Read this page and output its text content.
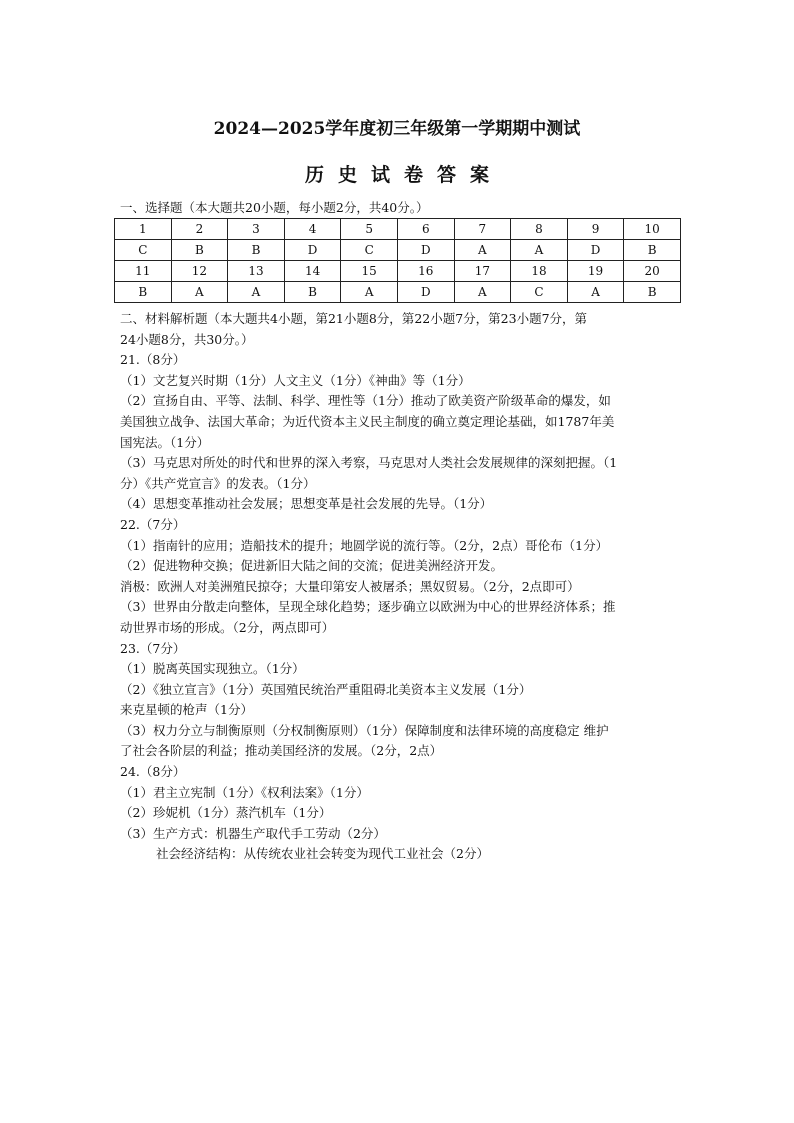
2024—2025学年度初三年级第一学期期中测试
历史试卷答案
一、选择题（本大题共20小题，每小题2分，共40分。）
1	2	3	4	5	6	7	8	9	10
C	B	B	D	C	D	A	A	D	B
11	12	13	14	15	16	17	18	19	20
B	A	A	B	A	D	A	C	A	B

二、材料解析题（本大题共4小题，第21小题8分，第22小题7分，第23小题7分，第

24小题8分，共30分。）

21.（8分）

（1）文艺复兴时期（1分）人文主义（1分）《神曲》等（1分）

（2）宣扬自由、平等、法制、科学、理性等（1分）推动了欧美资产阶级革命的爆发，如

美国独立战争、法国大革命；为近代资本主义民主制度的确立奠定理论基础，如1787年美

国宪法。（1分）

（3）马克思对所处的时代和世界的深入考察，马克思对人类社会发展规律的深刻把握。（1

分）《共产党宣言》的发表。（1分）

（4）思想变革推动社会发展；思想变革是社会发展的先导。（1分）

22.（7分）

（1）指南针的应用；造船技术的提升；地圆学说的流行等。（2分，2点）哥伦布（1分）

（2）促进物种交换；促进新旧大陆之间的交流；促进美洲经济开发。

消极：欧洲人对美洲殖民掠夺；大量印第安人被屠杀；黑奴贸易。（2分，2点即可）

（3）世界由分散走向整体，呈现全球化趋势；逐步确立以欧洲为中心的世界经济体系；推

动世界市场的形成。（2分，两点即可）

23.（7分）

（1）脱离英国实现独立。（1分）

（2）《独立宣言》（1分）英国殖民统治严重阻碍北美资本主义发展（1分）

来克星顿的枪声（1分）

（3）权力分立与制衡原则（分权制衡原则）（1分）保障制度和法律环境的高度稳定 维护

了社会各阶层的利益；推动美国经济的发展。（2分，2点）

24.（8分）

（1）君主立宪制（1分）《权利法案》（1分）

（2）珍妮机（1分）蒸汽机车（1分）

（3）生产方式：机器生产取代手工劳动（2分）

社会经济结构：从传统农业社会转变为现代工业社会（2分）
